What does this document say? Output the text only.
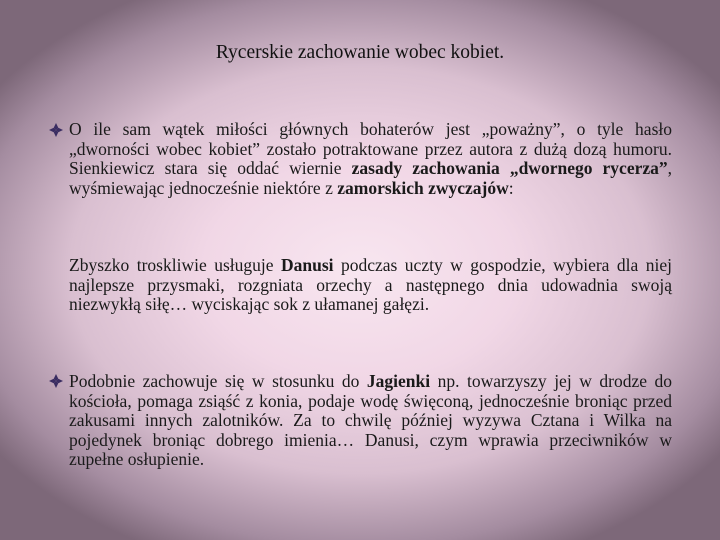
Rycerskie zachowanie wobec kobiet.
O ile sam wątek miłości głównych bohaterów jest „poważny”, o tyle hasło „dworności wobec kobiet” zostało potraktowane przez autora z dużą dozą humoru. Sienkiewicz stara się oddać wiernie zasady zachowania „dwornego rycerza”, wyśmiewając jednocześnie niektóre z zamorskich zwyczajów:
Zbyszko troskliwie usługuje Danusi podczas uczty w gospodzie, wybiera dla niej najlepsze przysmaki, rozgniata orzechy a następnego dnia udowadnia swoją niezwykłą siłę… wyciskając sok z ułamanej gałęzi.
Podobnie zachowuje się w stosunku do Jagienki np. towarzyszy jej w drodze do kościoła, pomaga zsiąść z konia, podaje wodę święconą, jednocześnie broniąc przed zakusami innych zalotników. Za to chwilę później wyzywa Cztana i Wilka na pojedynek broniąc dobrego imienia… Danusi, czym wprawia przeciwników w zupełne osłupienie.
